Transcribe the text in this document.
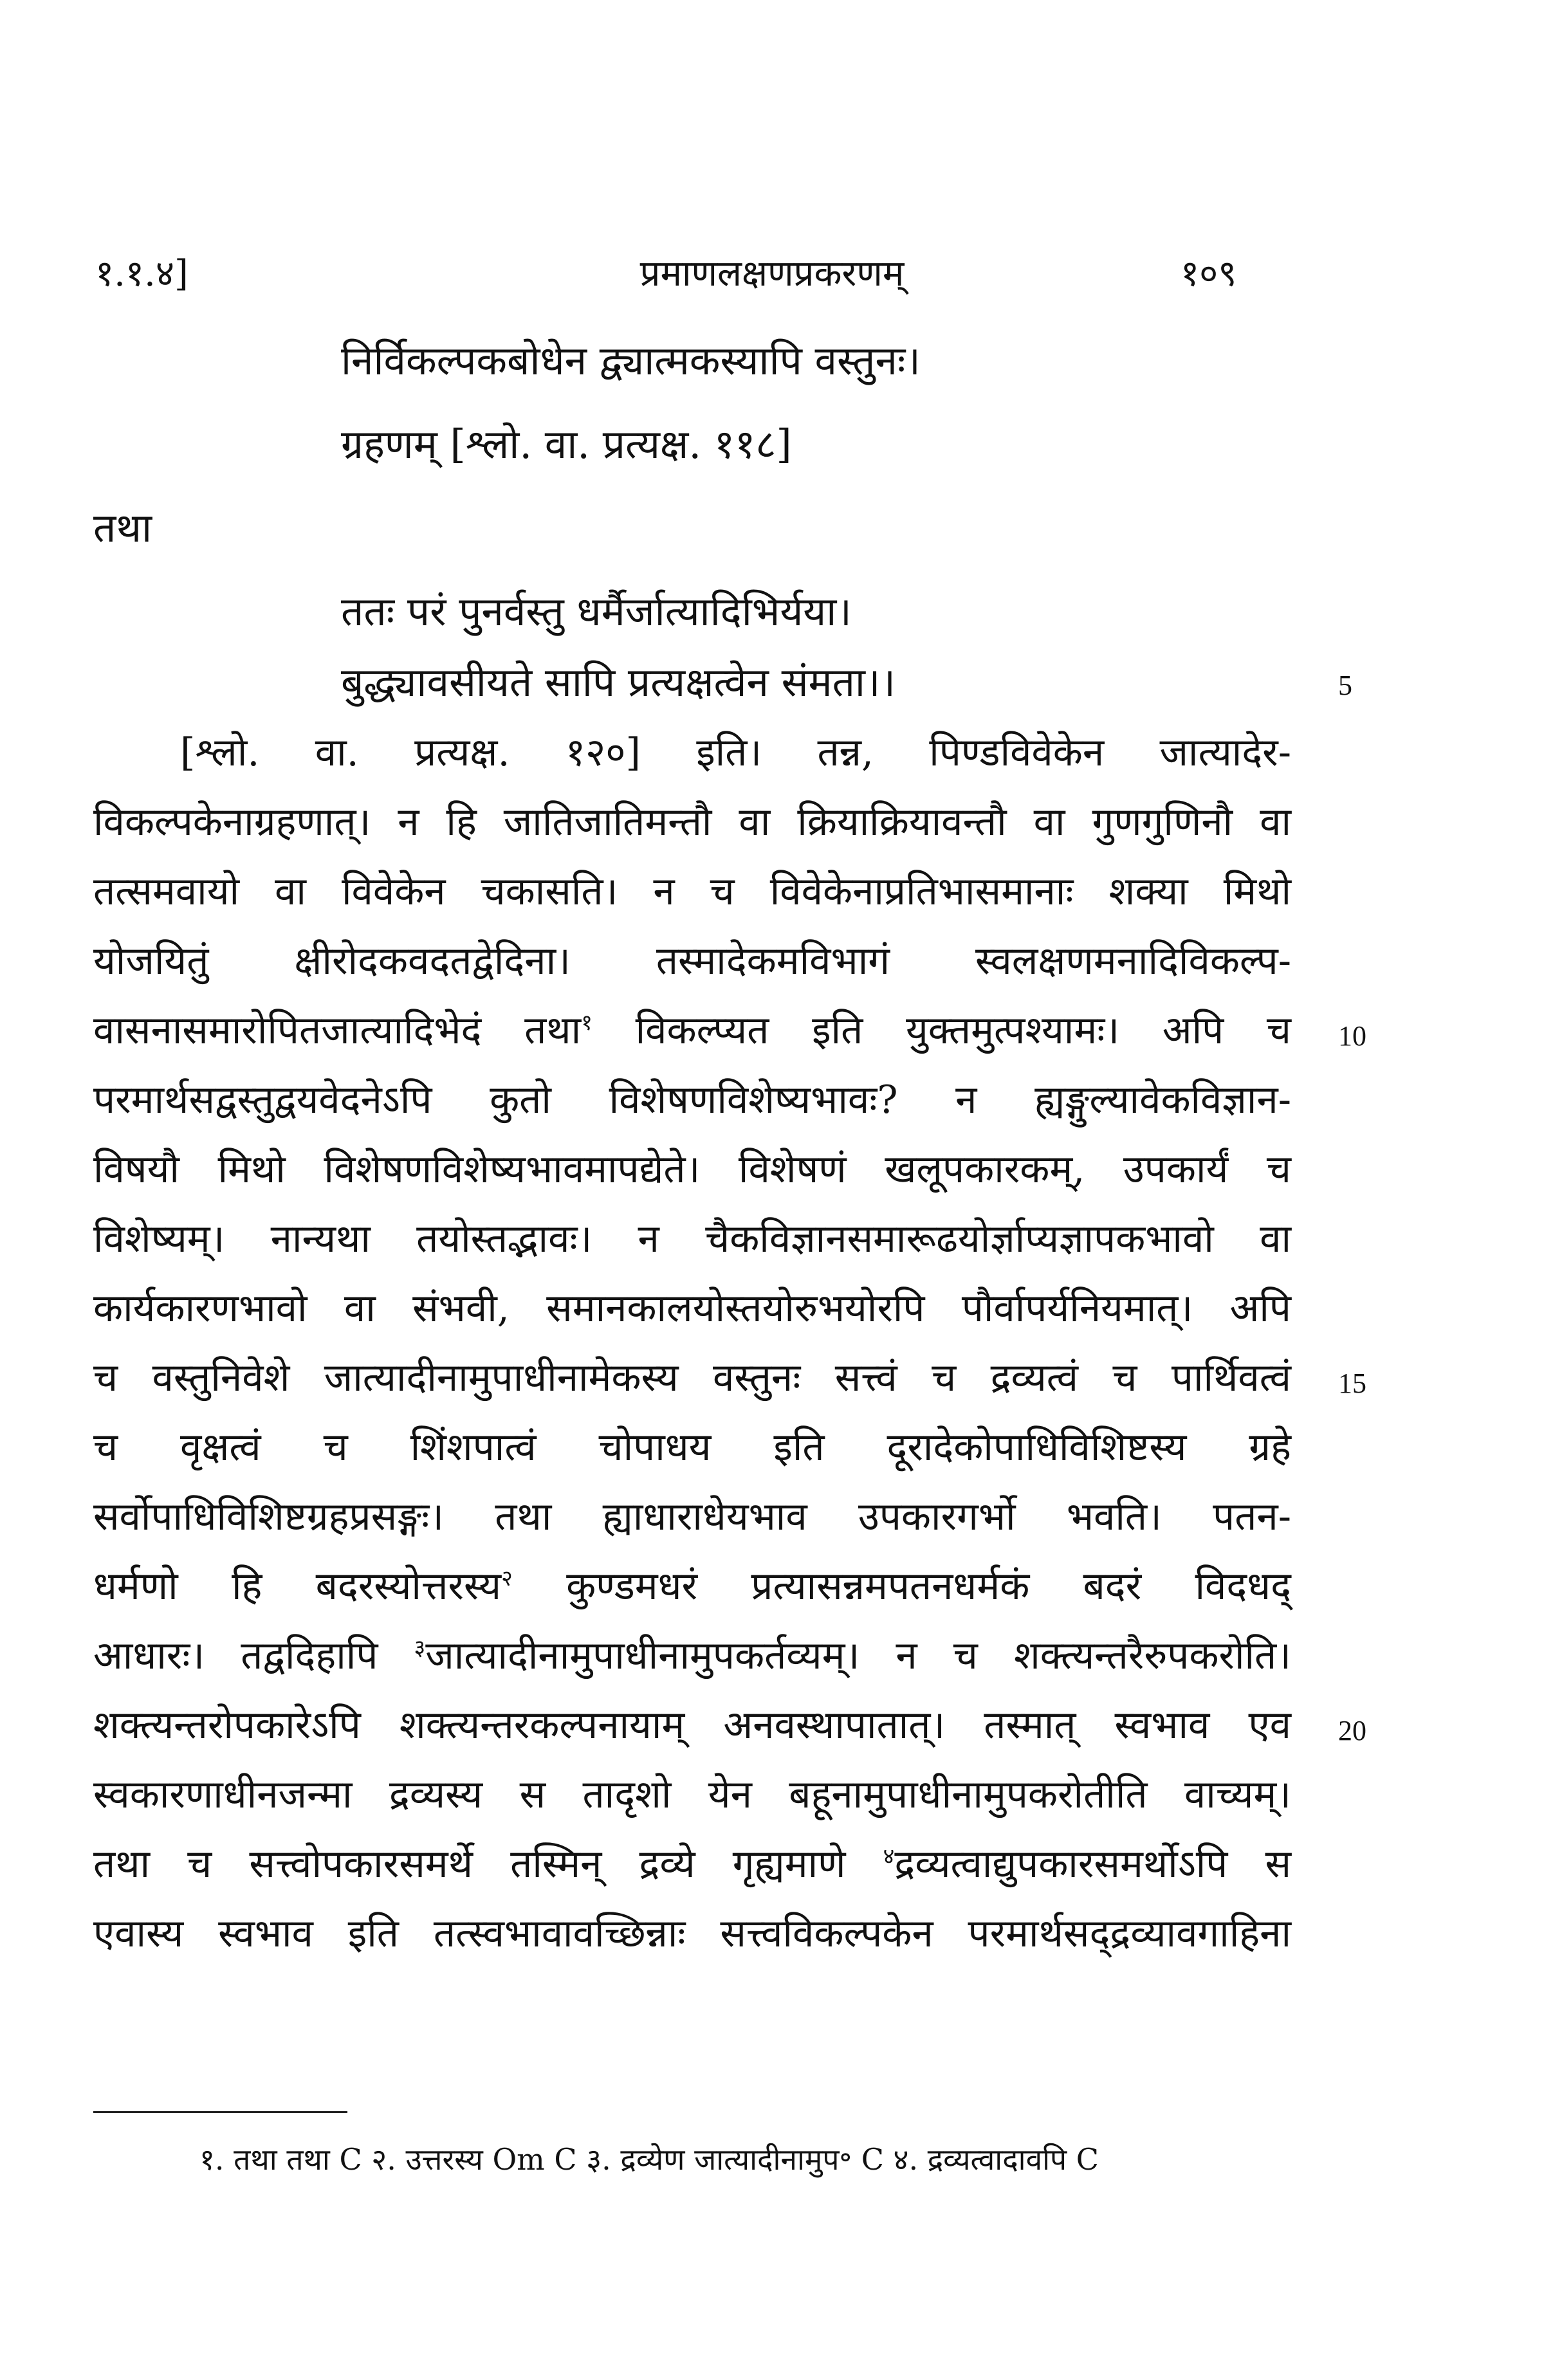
१.१.४]	प्रमाणलक्षणप्रकरणम्	१०९
निर्विकल्पकबोधेन द्व्यात्मकस्यापि वस्तुनः।
ग्रहणम् [श्लो. वा. प्रत्यक्ष. ११८]
तथा
ततः परं पुनर्वस्तु धर्मैर्जात्यादिभिर्यया।
बुद्ध्यावसीयते सापि प्रत्यक्षत्वेन संमता।।
[श्लो. वा. प्रत्यक्ष. १२०] इति। तन्न, पिण्डविवेकेन जात्यादेर-
विकल्पकेनाग्रहणात्। न हि जातिजातिमन्तौ वा क्रियाक्रियावन्तौ वा गुणगुणिनौ वा
तत्समवायो वा विवेकेन चकासति। न च विवेकेनाप्रतिभासमानाः शक्या मिथो
योजयितुं क्षीरोदकवदतद्वेदिना। तस्मादेकमविभागं स्वलक्षणमनादिविकल्प-
वासनासमारोपितजात्यादिभेदं तथा$^१$ विकल्प्यत इति युक्तमुत्पश्यामः। अपि च
परमार्थसद्वस्तुद्वयवेदनेऽपि कुतो विशेषणविशेष्यभावः? न ह्यङ्गुल्यावेकविज्ञान-
विषयौ मिथो विशेषणविशेष्यभावमापद्येते। विशेषणं खलूपकारकम्, उपकार्यं च
विशेष्यम्। नान्यथा तयोस्तद्भावः। न चैकविज्ञानसमारूढयोर्ज्ञाप्यज्ञापकभावो वा
कार्यकारणभावो वा संभवी, समानकालयोस्तयोरुभयोरपि पौर्वापर्यनियमात्। अपि
च वस्तुनिवेशे जात्यादीनामुपाधीनामेकस्य वस्तुनः सत्त्वं च द्रव्यत्वं च पार्थिवत्वं
च वृक्षत्वं च शिंशपात्वं चोपाधय इति दूरादेकोपाधिविशिष्टस्य ग्रहे
सर्वोपाधिविशिष्टग्रहप्रसङ्गः। तथा ह्याधाराधेयभाव उपकारगर्भो भवति। पतन-
धर्मणो हि बदरस्योत्तरस्य$^२$ कुण्डमधरं प्रत्यासन्नमपतनधर्मकं बदरं विदधद्
आधारः। तद्वदिहापि $^३$जात्यादीनामुपाधीनामुपकर्तव्यम्। न च शक्त्यन्तरैरुपकरोति।
शक्त्यन्तरोपकारेऽपि शक्त्यन्तरकल्पनायाम् अनवस्थापातात्। तस्मात् स्वभाव एव
स्वकारणाधीनजन्मा द्रव्यस्य स तादृशो येन बहूनामुपाधीनामुपकरोतीति वाच्यम्।
तथा च सत्त्वोपकारसमर्थे तस्मिन् द्रव्ये गृह्यमाणे $^४$द्रव्यत्वाद्युपकारसमर्थोऽपि स
एवास्य स्वभाव इति तत्स्वभावावच्छिन्नाः सत्त्वविकल्पकेन परमार्थसद्द्रव्यावगाहिना
5
10
15
20
१. तथा तथा C २. उत्तरस्य Om C ३. द्रव्येण जात्यादीनामुप॰ C ४. द्रव्यत्वादावपि C
